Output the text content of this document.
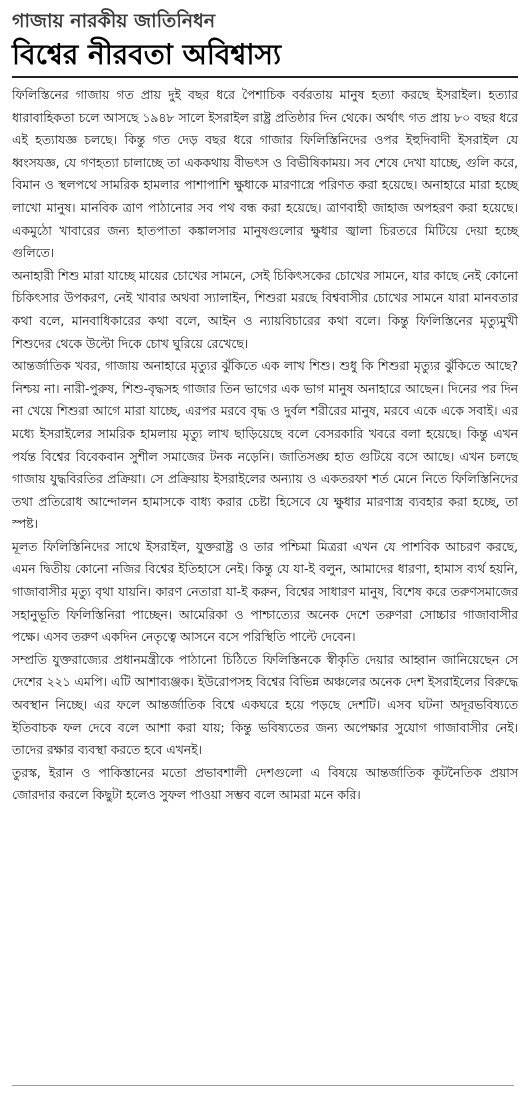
গাজায় নারকীয় জাতিনিধন
বিশ্বের নীরবতা অবিশ্বাস্য

ফিলিস্তিনের গাজায় গত প্রায় দুই বছর ধরে পৈশাচিক বর্বরতায় মানুষ হত্যা করছে ইসরাইল। হত্যার ধারাবাহিকতা চলে আসছে ১৯৪৮ সালে ইসরাইল রাষ্ট্র প্রতিষ্ঠার দিন থেকে। অর্থাৎ গত প্রায় ৮০ বছর ধরে এই হত্যাযজ্ঞ চলছে। কিন্তু গত দেড় বছর ধরে গাজার ফিলিস্তিনিদের ওপর ইহুদিবাদী ইসরাইল যে ধ্বংসযজ্ঞ, যে গণহত্যা চালাচ্ছে তা এককথায় বীভৎস ও বিভীষিকাময়। সব শেষে দেখা যাচ্ছে, গুলি করে, বিমান ও স্থলপথে সামরিক হামলার পাশাপাশি ক্ষুধাকে মারণাস্ত্রে পরিণত করা হয়েছে। অনাহারে মারা হচ্ছে লাখো মানুষ। মানবিক ত্রাণ পাঠানোর সব পথ বন্ধ করা হয়েছে। ত্রাণবাহী জাহাজ অপহরণ করা হয়েছে। একমুঠো খাবারের জন্য হাতপাতা কঙ্কালসার মানুষগুলোর ক্ষুধার জ্বালা চিরতরে মিটিয়ে দেয়া হচ্ছে গুলিতে।

অনাহারী শিশু মারা যাচ্ছে মায়ের চোখের সামনে, সেই চিকিৎসকের চোখের সামনে, যার কাছে নেই কোনো চিকিৎসার উপকরণ, নেই খাবার অথবা স্যালাইন, শিশুরা মরছে বিশ্ববাসীর চোখের সামনে যারা মানবতার কথা বলে, মানবাধিকারের কথা বলে, আইন ও ন্যায়বিচারের কথা বলে। কিন্তু ফিলিস্তিনের মৃত্যুমুখী শিশুদের থেকে উল্টো দিকে চোখ ঘুরিয়ে রেখেছে।

আন্তর্জাতিক খবর, গাজায় অনাহারে মৃত্যুর ঝুঁকিতে এক লাখ শিশু। শুধু কি শিশুরা মৃত্যুর ঝুঁকিতে আছে? নিশ্চয় না। নারী-পুরুষ, শিশু-বৃদ্ধসহ গাজার তিন ভাগের এক ভাগ মানুষ অনাহারে আছেন। দিনের পর দিন না খেয়ে শিশুরা আগে মারা যাচ্ছে, এরপর মরবে বৃদ্ধ ও দুর্বল শরীরের মানুষ, মরবে একে একে সবাই। এর মধ্যে ইসরাইলের সামরিক হামলায় মৃত্যু লাখ ছাড়িয়েছে বলে বেসরকারি খবরে বলা হয়েছে। কিন্তু এখন পর্যন্ত বিশ্বের বিবেকবান সুশীল সমাজের টনক নড়েনি। জাতিসঙ্ঘ হাত গুটিয়ে বসে আছে। এখন চলছে গাজায় যুদ্ধবিরতির প্রক্রিয়া। সে প্রক্রিয়ায় ইসরাইলের অন্যায় ও একতরফা শর্ত মেনে নিতে ফিলিস্তিনিদের তথা প্রতিরোধ আন্দোলন হামাসকে বাধ্য করার চেষ্টা হিসেবে যে ক্ষুধার মারণাস্ত্র ব্যবহার করা হচ্ছে, তা স্পষ্ট।

মূলত ফিলিস্তিনিদের সাথে ইসরাইল, যুক্তরাষ্ট্র ও তার পশ্চিমা মিত্ররা এখন যে পাশবিক আচরণ করছে, এমন দ্বিতীয় কোনো নজির বিশ্বের ইতিহাসে নেই। কিন্তু যে যা-ই বলুন, আমাদের ধারণা, হামাস ব্যর্থ হয়নি, গাজাবাসীর মৃত্যু বৃথা যায়নি। কারণ নেতারা যা-ই করুন, বিশ্বের সাধারণ মানুষ, বিশেষ করে তরুণসমাজের সহানুভূতি ফিলিস্তিনিরা পাচ্ছেন। আমেরিকা ও পাশ্চাত্যের অনেক দেশে তরুণরা সোচ্চার গাজাবাসীর পক্ষে। এসব তরুণ একদিন নেতৃত্বে আসনে বসে পরিস্থিতি পাল্টে দেবেন।

সম্প্রতি যুক্তরাজ্যের প্রধানমন্ত্রীকে পাঠানো চিঠিতে ফিলিস্তিনকে স্বীকৃতি দেয়ার আহ্বান জানিয়েছেন সে দেশের ২২১ এমপি। এটি আশাব্যঞ্জক। ইউরোপসহ বিশ্বের বিভিন্ন অঞ্চলের অনেক দেশ ইসরাইলের বিরুদ্ধে অবস্থান নিচ্ছে। এর ফলে আন্তর্জাতিক বিশ্বে একঘরে হয়ে পড়ছে দেশটি। এসব ঘটনা অদূরভবিষ্যতে ইতিবাচক ফল দেবে বলে আশা করা যায়; কিন্তু ভবিষ্যতের জন্য অপেক্ষার সুযোগ গাজাবাসীর নেই। তাদের রক্ষার ব্যবস্থা করতে হবে এখনই।

তুরস্ক, ইরান ও পাকিস্তানের মতো প্রভাবশালী দেশগুলো এ বিষয়ে আন্তর্জাতিক কূটনৈতিক প্রয়াস জোরদার করলে কিছুটা হলেও সুফল পাওয়া সম্ভব বলে আমরা মনে করি।
